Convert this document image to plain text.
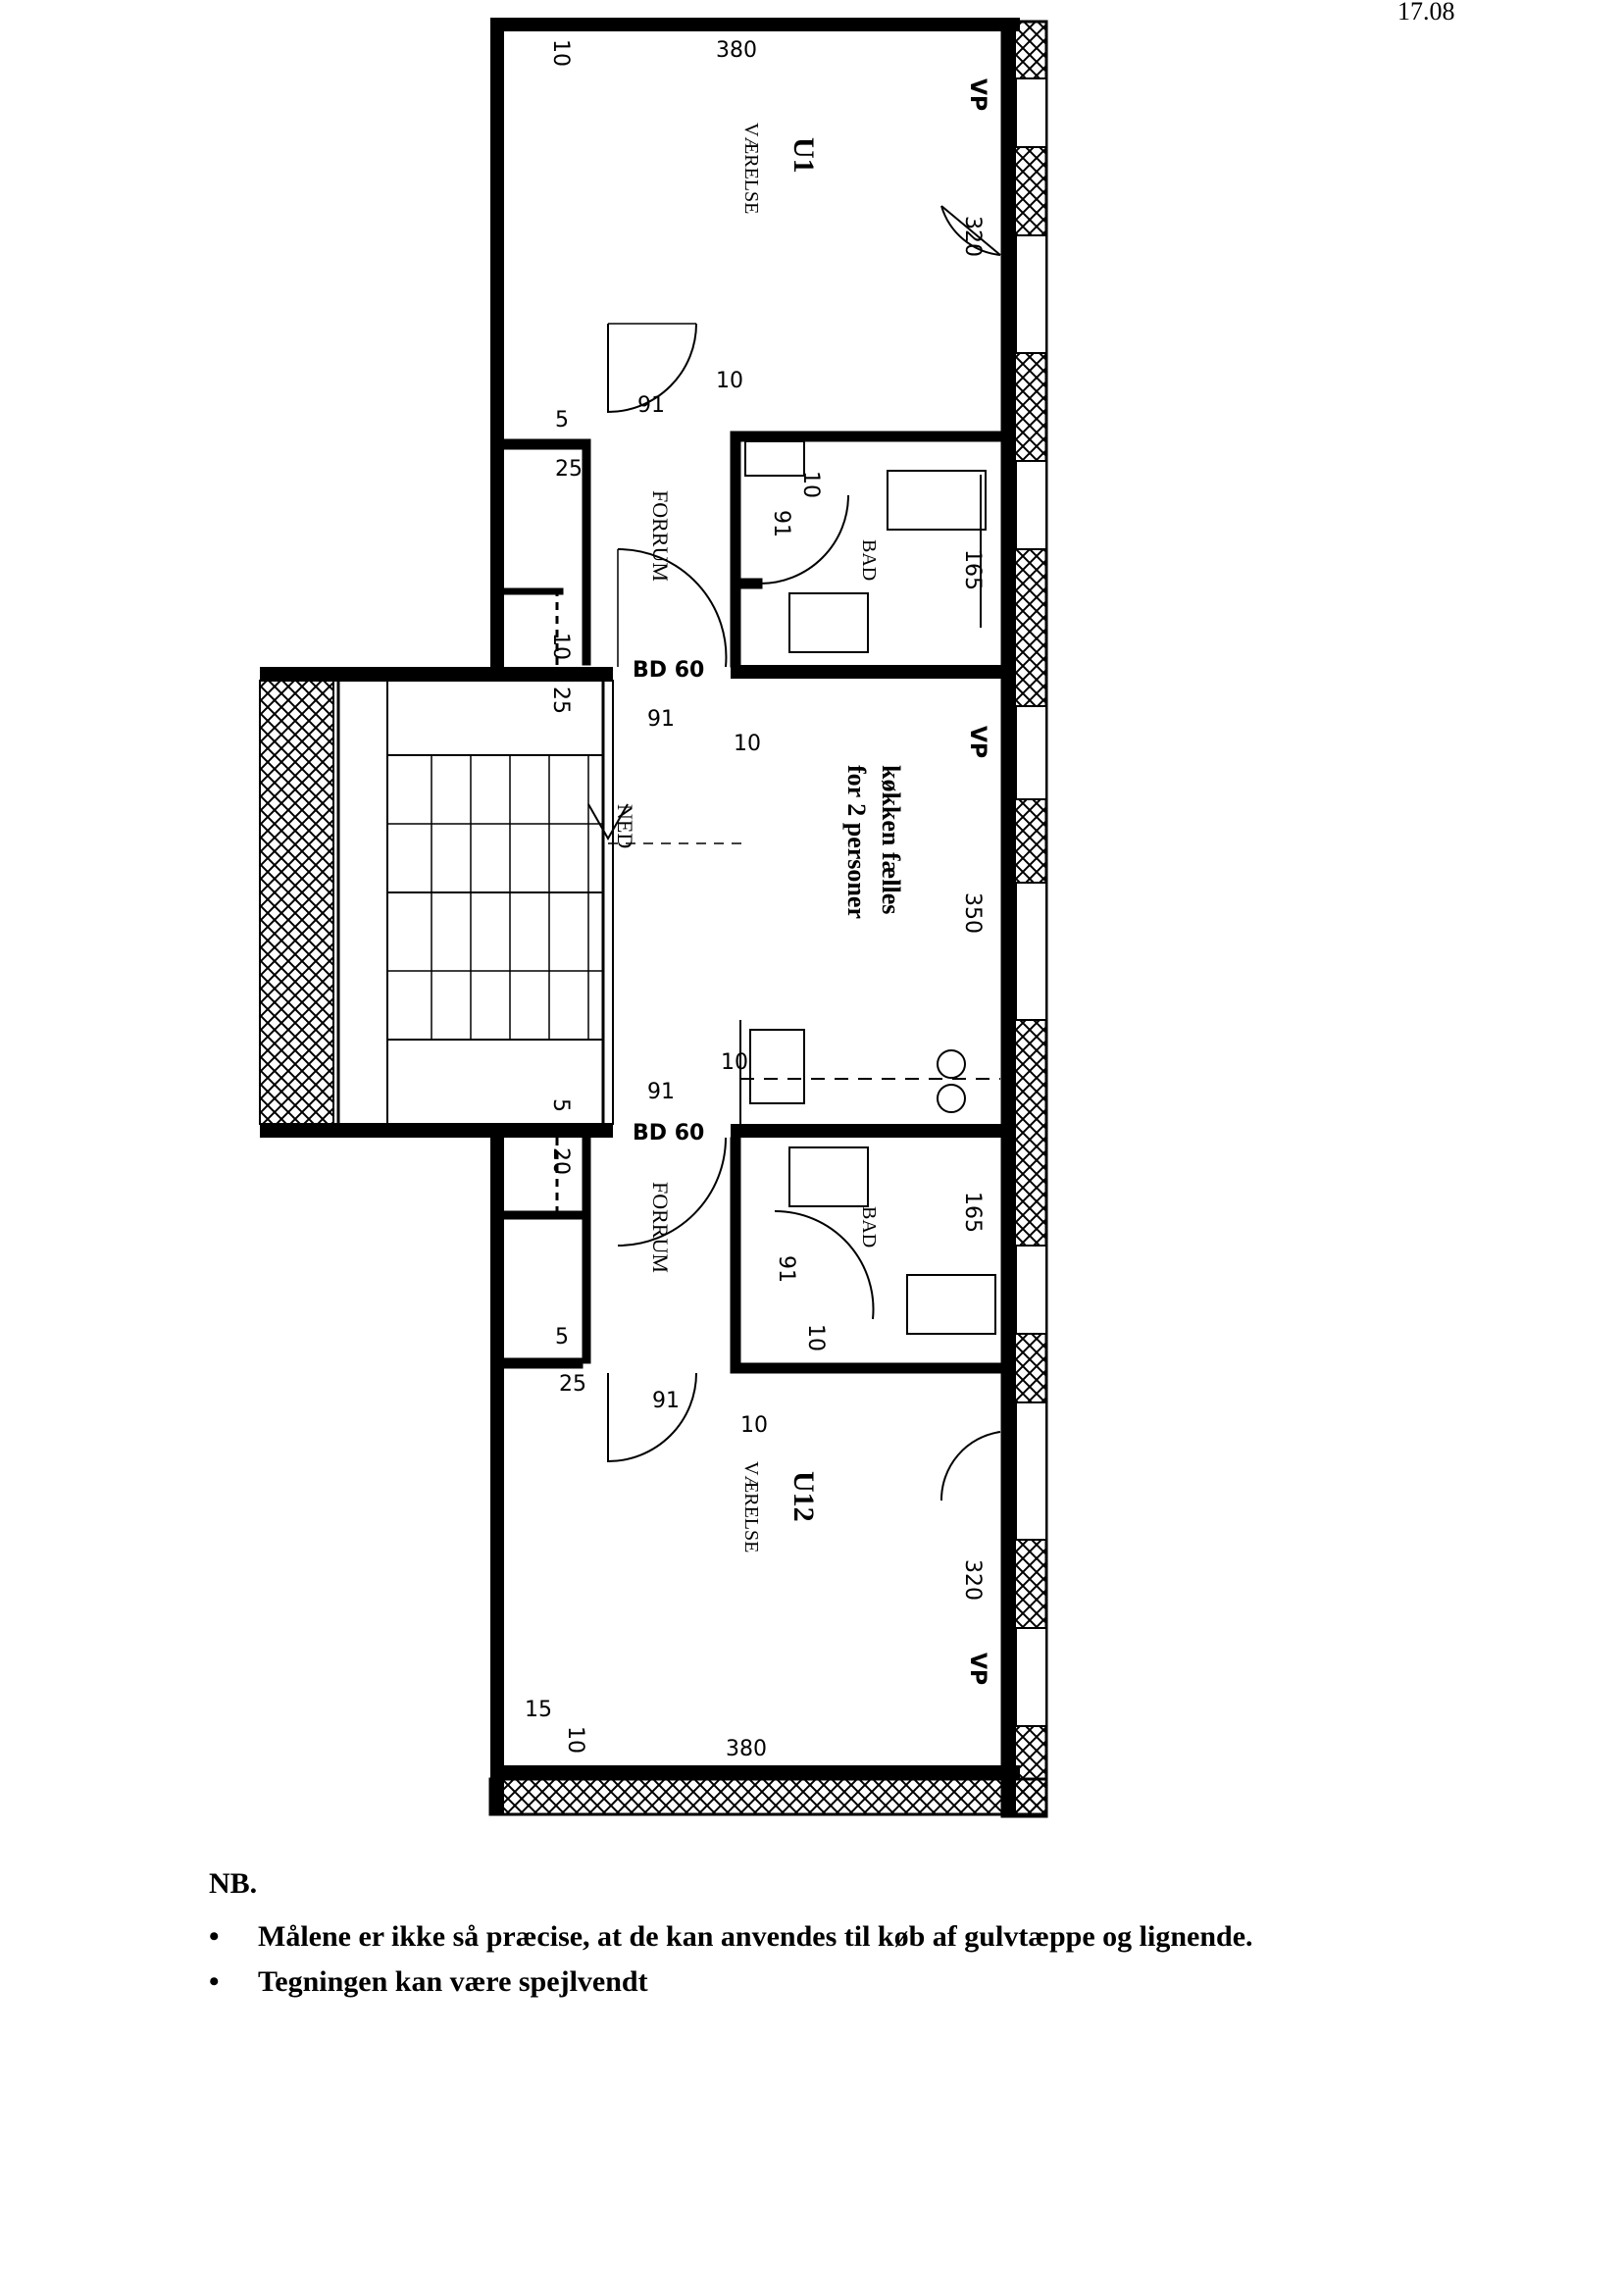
17.08
NED
U1
VÆRELSE
380
10
320
VP
VP
VP
91
10
5
25
10
91
FORRUM	BAD	165
BD 60
10
25
91
10
køkken fælles
for 2 personer	350
10
91
5
20
BD 60
FORRUM	BAD	165
91
10
5
25
91
10
U12
VÆRELSE
320
15
10	380

NB.

• Målene er ikke så præcise, at de kan anvendes til køb af gulvtæppe og lignende.
• Tegningen kan være spejlvendt
